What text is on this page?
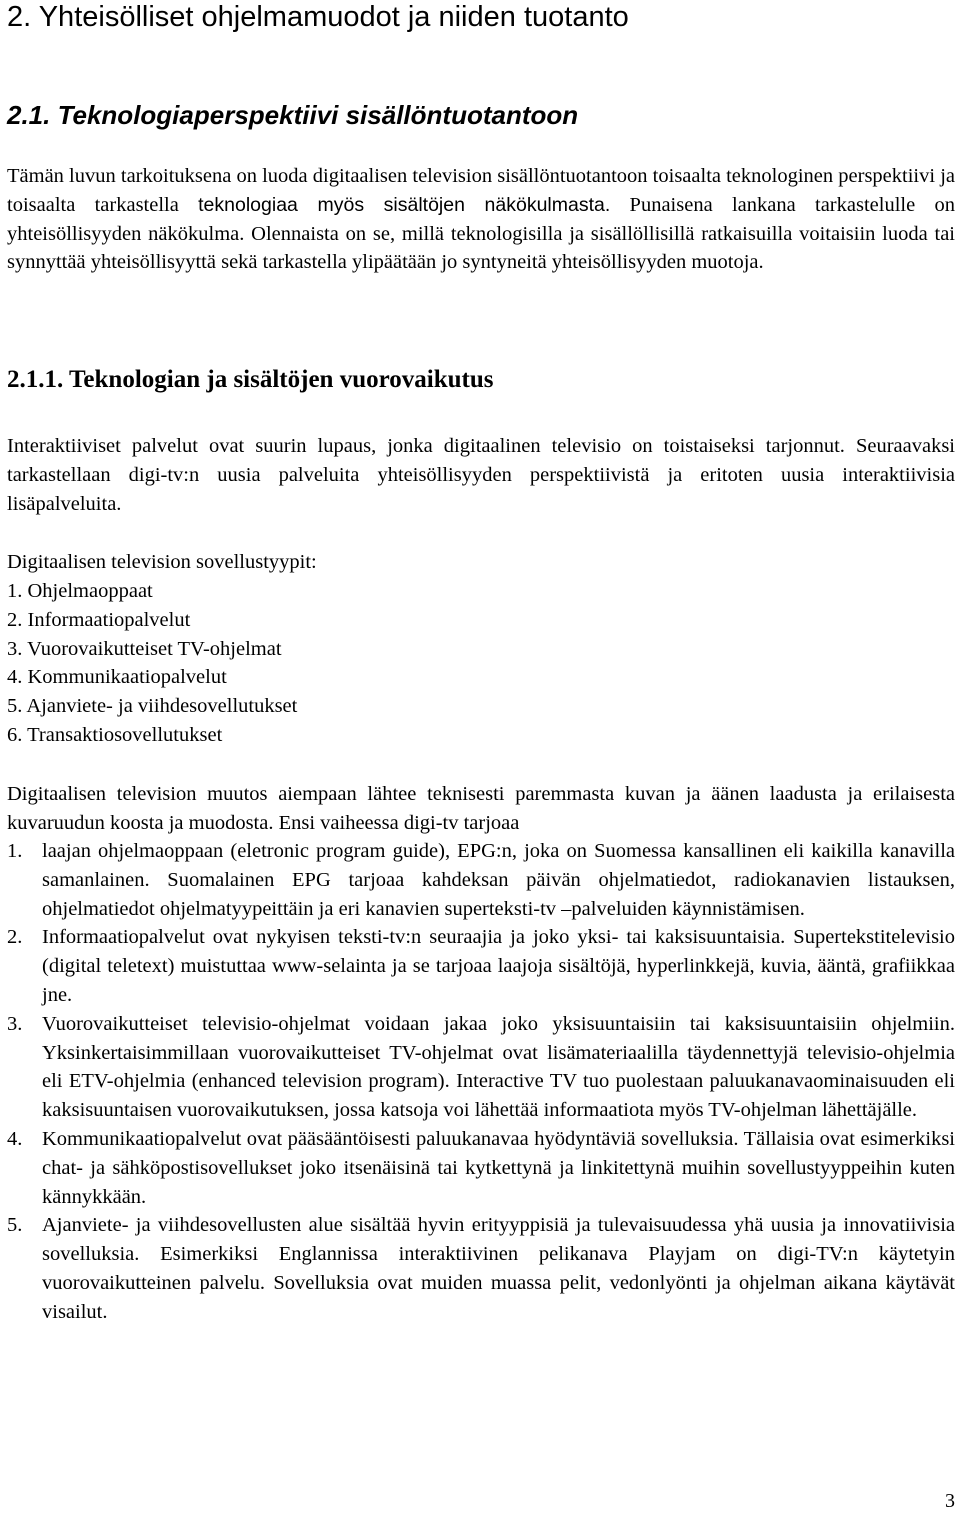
2. Yhteisölliset ohjelmamuodot ja niiden tuotanto
2.1. Teknologiaperspektiivi sisällöntuotantoon

Tämän luvun tarkoituksena on luoda digitaalisen television sisällöntuotantoon toisaalta teknologinen perspektiivi ja toisaalta tarkastella teknologiaa myös sisältöjen näkökulmasta. Punaisena lankana tarkastelulle on yhteisöllisyyden näkökulma. Olennaista on se, millä teknologisilla ja sisällöllisillä ratkaisuilla voitaisiin luoda tai synnyttää yhteisöllisyyttä sekä tarkastella ylipäätään jo syntyneitä yhteisöllisyyden muotoja.

2.1.1. Teknologian ja sisältöjen vuorovaikutus

Interaktiiviset palvelut ovat suurin lupaus, jonka digitaalinen televisio on toistaiseksi tarjonnut. Seuraavaksi tarkastellaan digi-tv:n uusia palveluita yhteisöllisyyden perspektiivistä ja eritoten uusia interaktiivisia lisäpalveluita.

Digitaalisen television sovellustyypit:

1. Ohjelmaoppaat
2. Informaatiopalvelut
3. Vuorovaikutteiset TV-ohjelmat
4. Kommunikaatiopalvelut
5. Ajanviete- ja viihdesovellutukset
6. Transaktiosovellutukset

Digitaalisen television muutos aiempaan lähtee teknisesti paremmasta kuvan ja äänen laadusta ja erilaisesta kuvaruudun koosta ja muodosta. Ensi vaiheessa digi-tv tarjoaa

1. laajan ohjelmaoppaan (eletronic program guide), EPG:n, joka on Suomessa kansallinen eli kaikilla kanavilla samanlainen. Suomalainen EPG tarjoaa kahdeksan päivän ohjelmatiedot, radiokanavien listauksen, ohjelmatiedot ohjelmatyypeittäin ja eri kanavien superteksti-tv –palveluiden käynnistämisen.
2. Informaatiopalvelut ovat nykyisen teksti-tv:n seuraajia ja joko yksi- tai kaksisuuntaisia. Supertekstitelevisio (digital teletext) muistuttaa www-selainta ja se tarjoaa laajoja sisältöjä, hyperlinkkejä, kuvia, ääntä, grafiikkaa jne.
3. Vuorovaikutteiset televisio-ohjelmat voidaan jakaa joko yksisuuntaisiin tai kaksisuuntaisiin ohjelmiin. Yksinkertaisimmillaan vuorovaikutteiset TV-ohjelmat ovat lisämateriaalilla täydennettyjä televisio-ohjelmia eli ETV-ohjelmia (enhanced television program). Interactive TV tuo puolestaan paluukanavaominaisuuden eli kaksisuuntaisen vuorovaikutuksen, jossa katsoja voi lähettää informaatiota myös TV-ohjelman lähettäjälle.
4. Kommunikaatiopalvelut ovat pääsääntöisesti paluukanavaa hyödyntäviä sovelluksia. Tällaisia ovat esimerkiksi chat- ja sähköpostisovellukset joko itsenäisinä tai kytkettynä ja linkitettynä muihin sovellustyyppeihin kuten kännykkään.
5. Ajanviete- ja viihdesovellusten alue sisältää hyvin erityyppisiä ja tulevaisuudessa yhä uusia ja innovatiivisia sovelluksia. Esimerkiksi Englannissa interaktiivinen pelikanava Playjam on digi-TV:n käytetyin vuorovaikutteinen palvelu. Sovelluksia ovat muiden muassa pelit, vedonlyönti ja ohjelman aikana käytävät visailut.
3
